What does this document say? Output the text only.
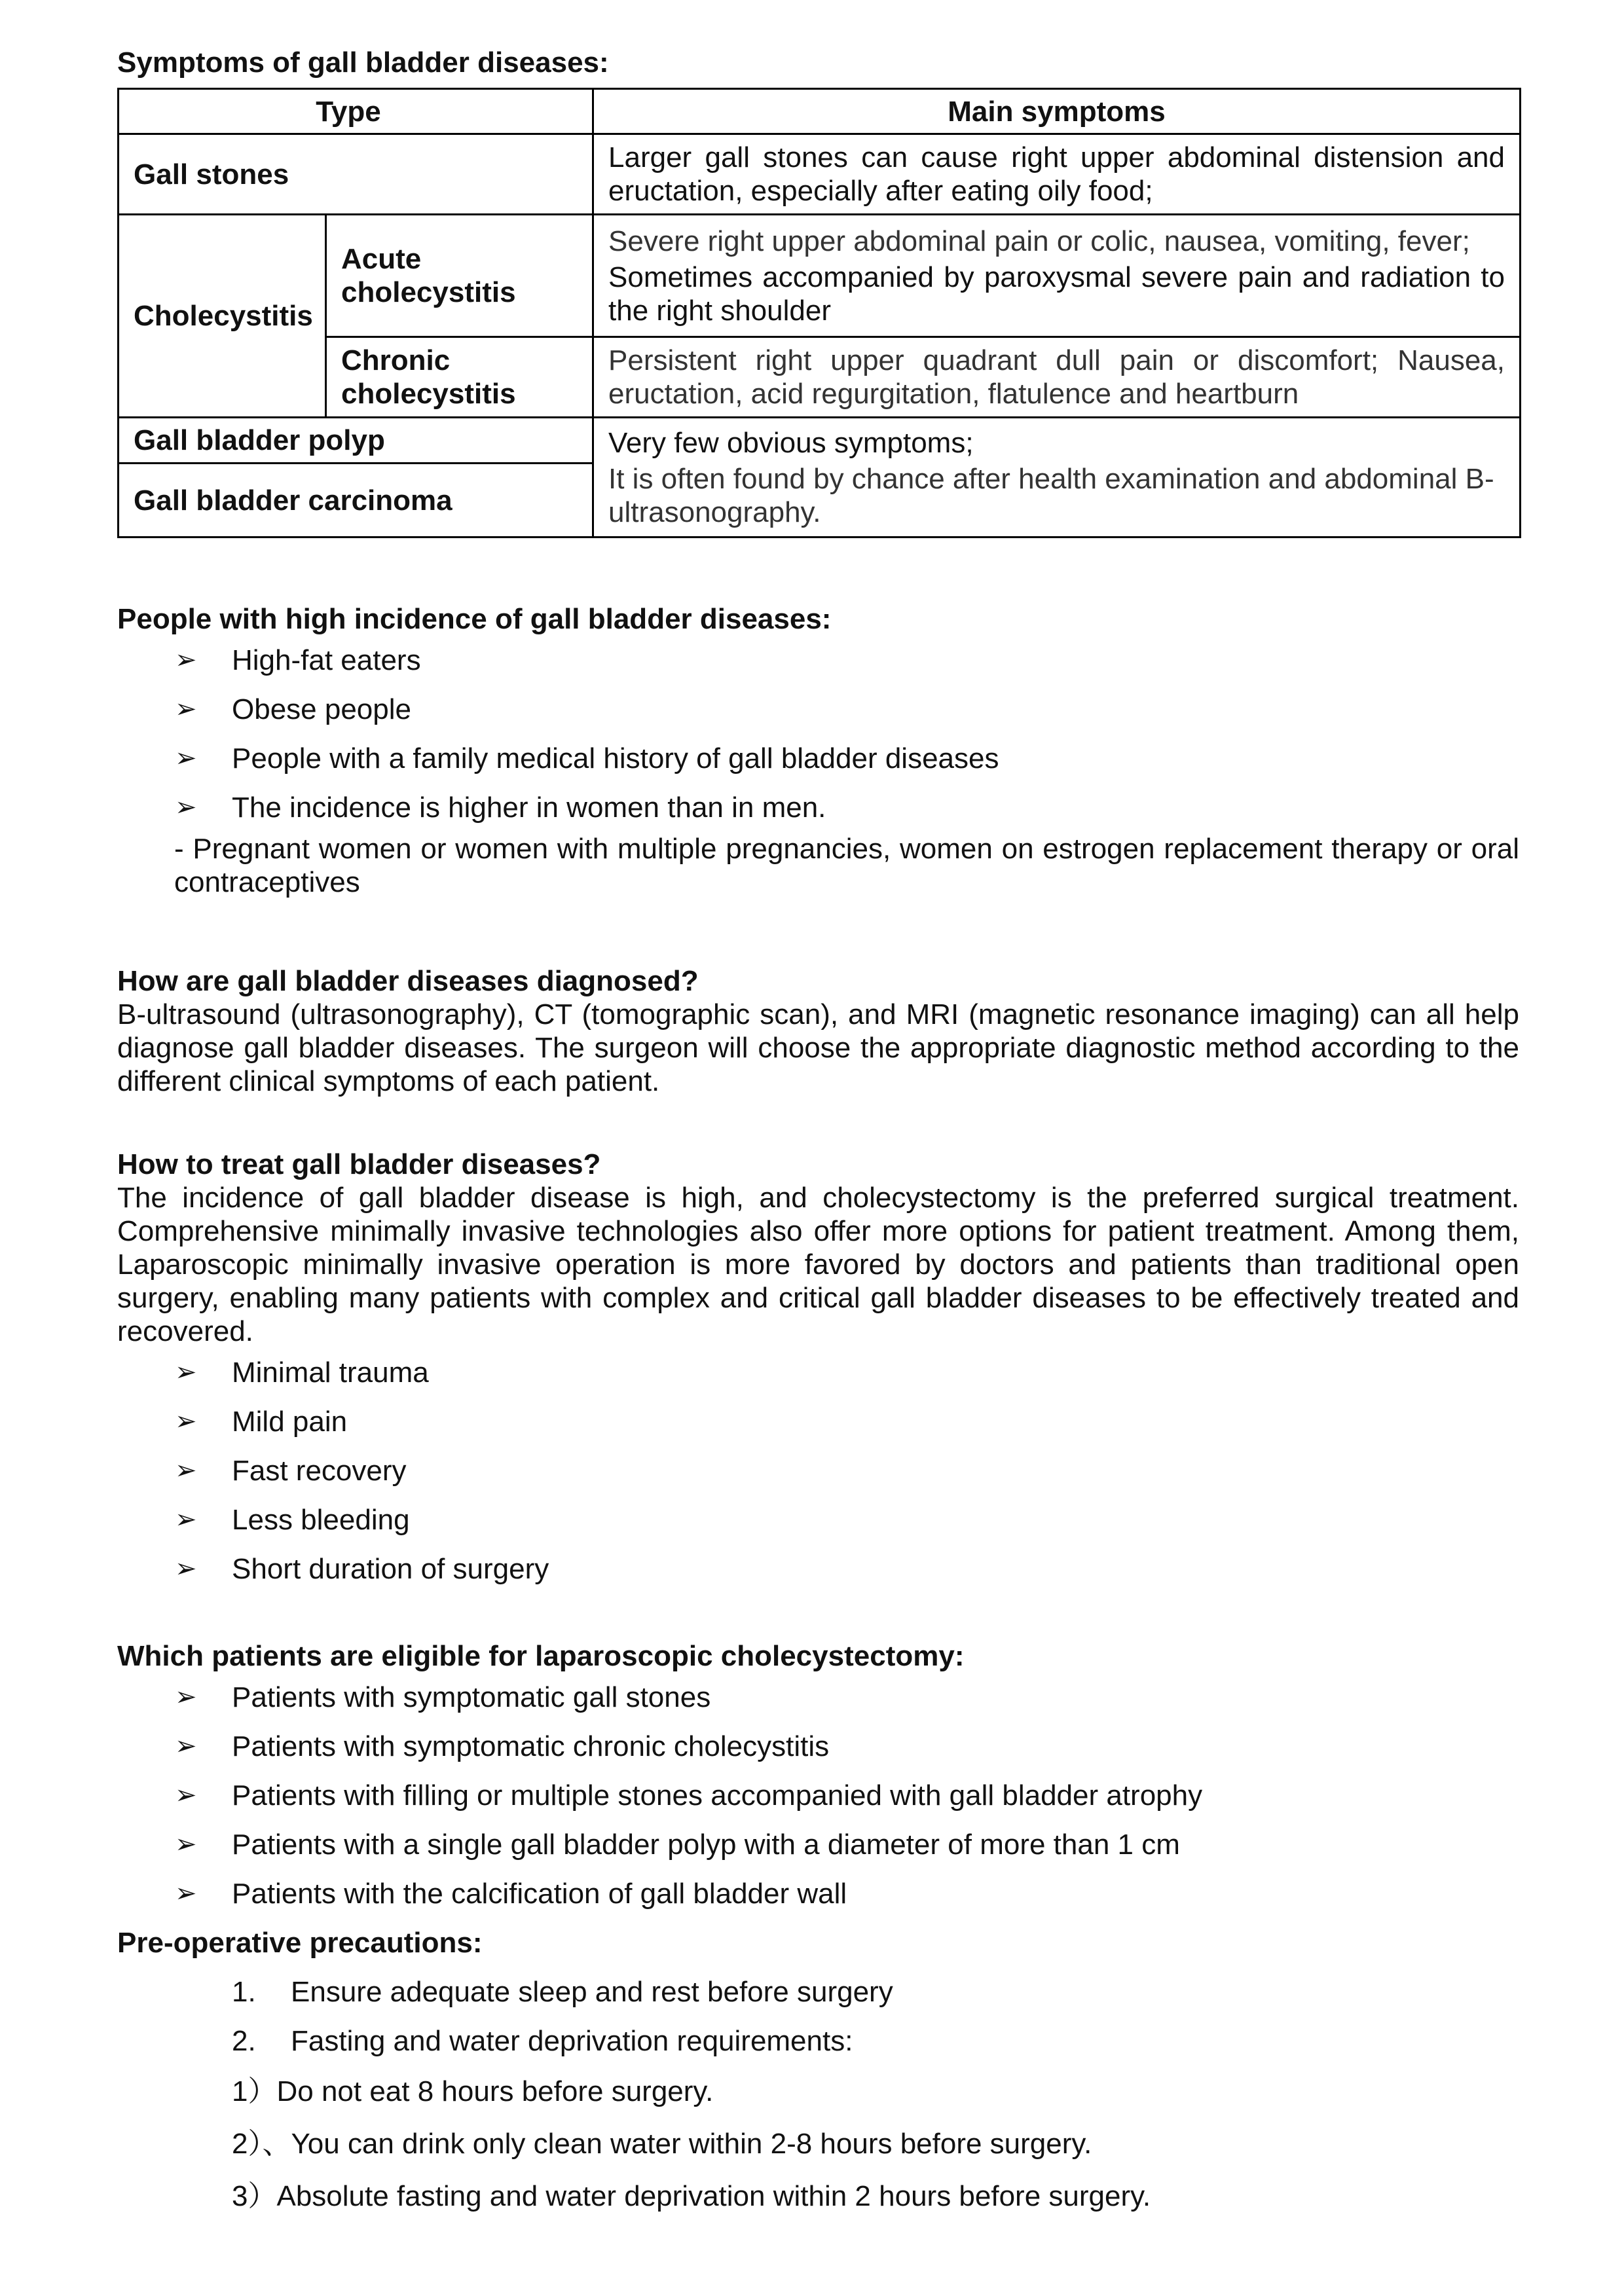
Symptoms of gall bladder diseases:

Type		Main symptoms
Gall stones		Larger gall stones can cause right upper abdominal distension and eructation, especially after eating oily food;
Cholecystitis	Acute cholecystitis	Severe right upper abdominal pain or colic, nausea, vomiting, fever;
Sometimes accompanied by paroxysmal severe pain and radiation to the right shoulder

	Chronic cholecystitis	Persistent right upper quadrant dull pain or discomfort; Nausea, eructation, acid regurgitation, flatulence and heartburn
Gall bladder polyp		Very few obvious symptoms;
It is often found by chance after health examination and abdominal B-ultrasonography.

Gall bladder carcinoma		

People with high incidence of gall bladder diseases:

➢ High-fat eaters
➢ Obese people
➢ People with a family medical history of gall bladder diseases
➢ The incidence is higher in women than in men.

- Pregnant women or women with multiple pregnancies, women on estrogen replacement therapy or oral contraceptives

How are gall bladder diseases diagnosed?

B-ultrasound (ultrasonography), CT (tomographic scan), and MRI (magnetic resonance imaging) can all help diagnose gall bladder diseases. The surgeon will choose the appropriate diagnostic method according to the different clinical symptoms of each patient.

How to treat gall bladder diseases?

The incidence of gall bladder disease is high, and cholecystectomy is the preferred surgical treatment. Comprehensive minimally invasive technologies also offer more options for patient treatment. Among them, Laparoscopic minimally invasive operation is more favored by doctors and patients than traditional open surgery, enabling many patients with complex and critical gall bladder diseases to be effectively treated and recovered.

➢ Minimal trauma
➢ Mild pain
➢ Fast recovery
➢ Less bleeding
➢ Short duration of surgery

Which patients are eligible for laparoscopic cholecystectomy:

➢ Patients with symptomatic gall stones
➢ Patients with symptomatic chronic cholecystitis
➢ Patients with filling or multiple stones accompanied with gall bladder atrophy
➢ Patients with a single gall bladder polyp with a diameter of more than 1 cm
➢ Patients with the calcification of gall bladder wall

Pre-operative precautions:

1. Ensure adequate sleep and rest before surgery
2. Fasting and water deprivation requirements:
1）Do not eat 8 hours before surgery.
2）、You can drink only clean water within 2-8 hours before surgery.
3）Absolute fasting and water deprivation within 2 hours before surgery.
